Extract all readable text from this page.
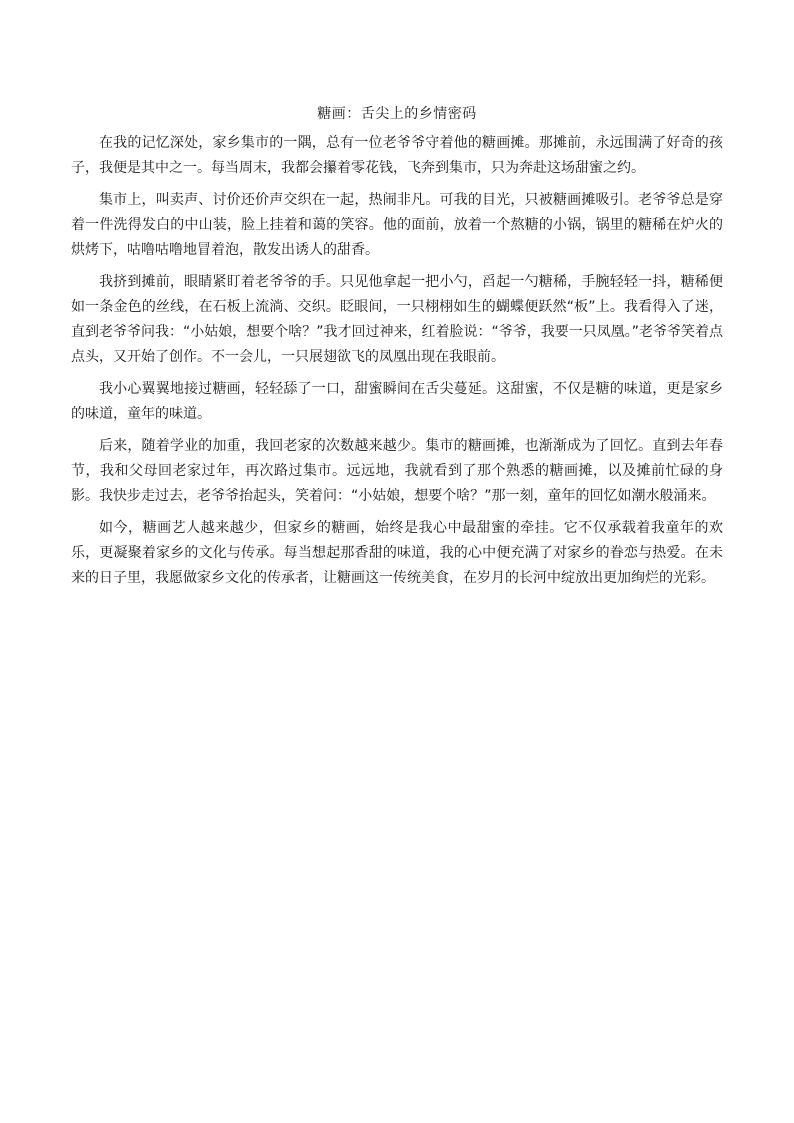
糖画：舌尖上的乡情密码

在我的记忆深处，家乡集市的一隅，总有一位老爷爷守着他的糖画摊。那摊前，永远围满了好奇的孩子，我便是其中之一。每当周末，我都会攥着零花钱，飞奔到集市，只为奔赴这场甜蜜之约。

集市上，叫卖声、讨价还价声交织在一起，热闹非凡。可我的目光，只被糖画摊吸引。老爷爷总是穿着一件洗得发白的中山装，脸上挂着和蔼的笑容。他的面前，放着一个熬糖的小锅，锅里的糖稀在炉火的烘烤下，咕噜咕噜地冒着泡，散发出诱人的甜香。

我挤到摊前，眼睛紧盯着老爷爷的手。只见他拿起一把小勺，舀起一勺糖稀，手腕轻轻一抖，糖稀便如一条金色的丝线，在石板上流淌、交织。眨眼间，一只栩栩如生的蝴蝶便跃然“板”上。我看得入了迷，直到老爷爷问我：“小姑娘，想要个啥？”我才回过神来，红着脸说：“爷爷，我要一只凤凰。”老爷爷笑着点点头，又开始了创作。不一会儿，一只展翅欲飞的凤凰出现在我眼前。

我小心翼翼地接过糖画，轻轻舔了一口，甜蜜瞬间在舌尖蔓延。这甜蜜，不仅是糖的味道，更是家乡的味道，童年的味道。

后来，随着学业的加重，我回老家的次数越来越少。集市的糖画摊，也渐渐成为了回忆。直到去年春节，我和父母回老家过年，再次路过集市。远远地，我就看到了那个熟悉的糖画摊，以及摊前忙碌的身影。我快步走过去，老爷爷抬起头，笑着问：“小姑娘，想要个啥？”那一刻，童年的回忆如潮水般涌来。

如今，糖画艺人越来越少，但家乡的糖画，始终是我心中最甜蜜的牵挂。它不仅承载着我童年的欢乐，更凝聚着家乡的文化与传承。每当想起那香甜的味道，我的心中便充满了对家乡的眷恋与热爱。在未来的日子里，我愿做家乡文化的传承者，让糖画这一传统美食，在岁月的长河中绽放出更加绚烂的光彩。
